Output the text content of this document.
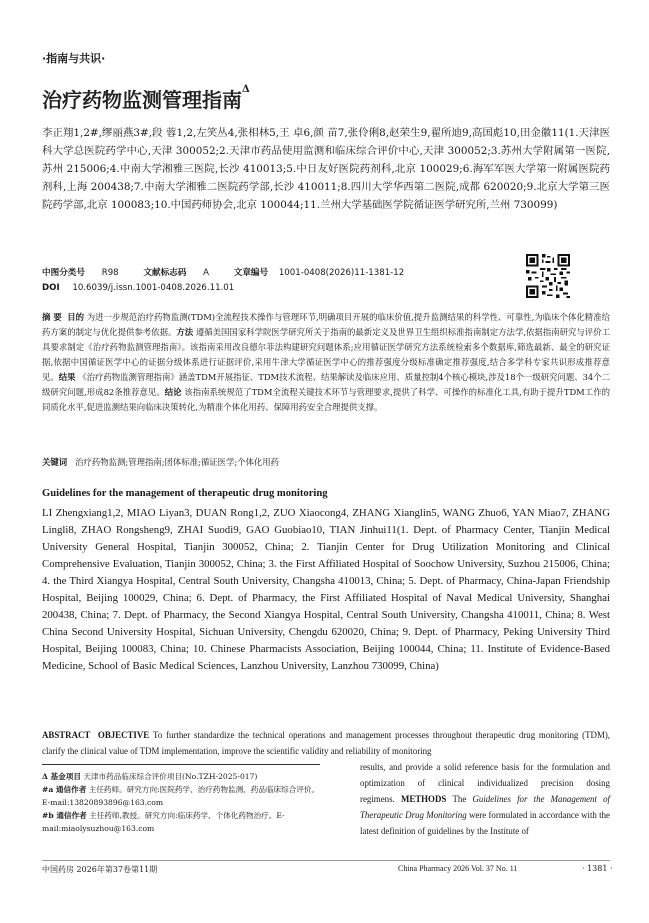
·指南与共识·
治疗药物监测管理指南$^\Delta$
李正翔1,2#,缪丽燕3#,段 蓉1,2,左笑丛4,张相林5,王 卓6,颜 苗7,张伶俐8,赵荣生9,翟所迪9,高国彪10,田金徽11(1.天津医科大学总医院药学中心,天津 300052;2.天津市药品使用监测和临床综合评价中心,天津 300052;3.苏州大学附属第一医院,苏州 215006;4.中南大学湘雅三医院,长沙 410013;5.中日友好医院药剂科,北京 100029;6.海军军医大学第一附属医院药剂科,上海 200438;7.中南大学湘雅二医院药学部,长沙 410011;8.四川大学华西第二医院,成都 620020;9.北京大学第三医院药学部,北京 100083;10.中国药师协会,北京 100044;11.兰州大学基础医学院循证医学研究所,兰州 730099)
中图分类号 R98	文献标志码 A	文章编号 1001-0408(2026)11-1381-12
DOI 10.6039/j.issn.1001-0408.2026.11.01
摘 要 目的 为进一步规范治疗药物监测(TDM)全流程技术操作与管理环节,明确项目开展的临床价值,提升监测结果的科学性、可靠性,为临床个体化精准给药方案的制定与优化提供参考依据。方法 遵循美国国家科学院医学研究所关于指南的最新定义及世界卫生组织标准指南制定方法学,依据指南研究与评价工具要求制定《治疗药物监测管理指南》。该指南采用改良德尔菲法构建研究问题体系;应用循证医学研究方法系统检索多个数据库,筛选最新、最全的研究证据,依据中国循证医学中心的证据分级体系进行证据评价,采用牛津大学循证医学中心的推荐强度分级标准确定推荐强度,结合多学科专家共识形成推荐意见。结果 《治疗药物监测管理指南》涵盖TDM开展指征、TDM技术流程、结果解读及临床应用、质量控制4个核心模块,涉及18个一级研究问题、34个二级研究问题,形成82条推荐意见。结论 该指南系统规范了TDM全流程关键技术环节与管理要求,提供了科学、可操作的标准化工具,有助于提升TDM工作的同质化水平,促进监测结果向临床决策转化,为精准个体化用药、保障用药安全合理提供支撑。
关键词 治疗药物监测;管理指南;团体标准;循证医学;个体化用药
Guidelines for the management of therapeutic drug monitoring
LI Zhengxiang1,2, MIAO Liyan3, DUAN Rong1,2, ZUO Xiaocong4, ZHANG Xianglin5, WANG Zhuo6, YAN Miao7, ZHANG Lingli8, ZHAO Rongsheng9, ZHAI Suodi9, GAO Guobiao10, TIAN Jinhui11(1. Dept. of Pharmacy Center, Tianjin Medical University General Hospital, Tianjin 300052, China; 2. Tianjin Center for Drug Utilization Monitoring and Clinical Comprehensive Evaluation, Tianjin 300052, China; 3. the First Affiliated Hospital of Soochow University, Suzhou 215006, China; 4. the Third Xiangya Hospital, Central South University, Changsha 410013, China; 5. Dept. of Pharmacy, China-Japan Friendship Hospital, Beijing 100029, China; 6. Dept. of Pharmacy, the First Affiliated Hospital of Naval Medical University, Shanghai 200438, China; 7. Dept. of Pharmacy, the Second Xiangya Hospital, Central South University, Changsha 410011, China; 8. West China Second University Hospital, Sichuan University, Chengdu 620020, China; 9. Dept. of Pharmacy, Peking University Third Hospital, Beijing 100083, China; 10. Chinese Pharmacists Association, Beijing 100044, China; 11. Institute of Evidence-Based Medicine, School of Basic Medical Sciences, Lanzhou University, Lanzhou 730099, China)
ABSTRACT OBJECTIVE To further standardize the technical operations and management processes throughout therapeutic drug monitoring (TDM), clarify the clinical value of TDM implementation, improve the scientific validity and reliability of monitoring
results, and provide a solid reference basis for the formulation and optimization of clinical individualized precision dosing regimens. METHODS The Guidelines for the Management of Therapeutic Drug Monitoring were formulated in accordance with the latest definition of guidelines by the Institute of
Δ 基金项目 天津市药品临床综合评价项目(No.TZH-2025-017)
#a 通信作者 主任药师。研究方向:医院药学、治疗药物监测、药品临床综合评价。E-mail:13820893896@163.com
#b 通信作者 主任药师,教授。研究方向:临床药学、个体化药物治疗。E-mail:miaolysuzhou@163.com
中国药房 2026年第37卷第11期	China Pharmacy 2026 Vol. 37 No. 11	· 1381 ·
